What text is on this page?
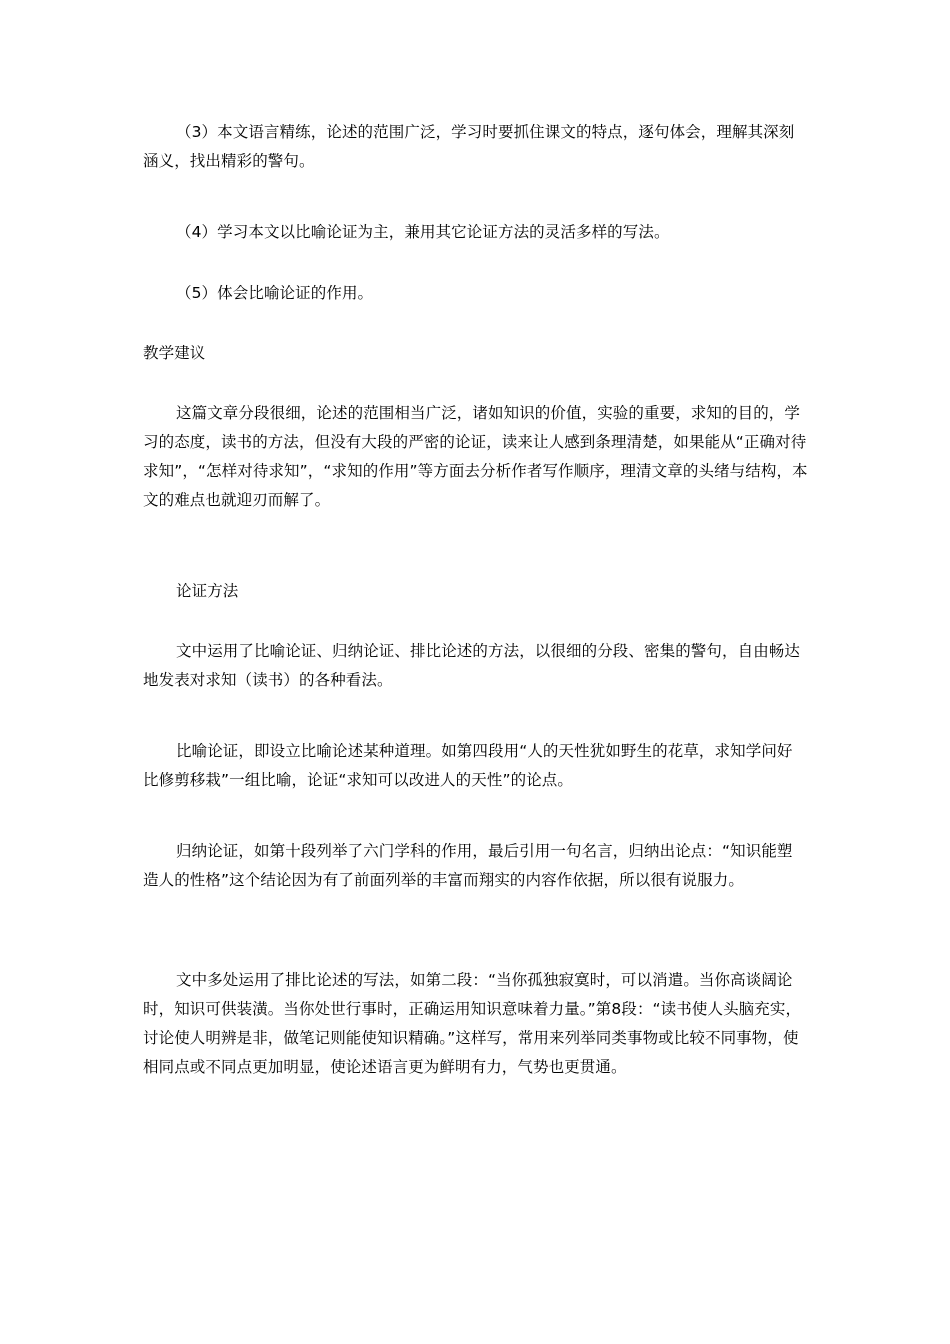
（3）本文语言精练，论述的范围广泛，学习时要抓住课文的特点，逐句体会，理解其深刻涵义，找出精彩的警句。

（4）学习本文以比喻论证为主，兼用其它论证方法的灵活多样的写法。

（5）体会比喻论证的作用。

教学建议

这篇文章分段很细，论述的范围相当广泛，诸如知识的价值，实验的重要，求知的目的，学习的态度，读书的方法，但没有大段的严密的论证，读来让人感到条理清楚，如果能从“正确对待求知”，“怎样对待求知”，“求知的作用”等方面去分析作者写作顺序，理清文章的头绪与结构，本文的难点也就迎刃而解了。

论证方法

文中运用了比喻论证、归纳论证、排比论述的方法，以很细的分段、密集的警句，自由畅达地发表对求知（读书）的各种看法。

比喻论证，即设立比喻论述某种道理。如第四段用“人的天性犹如野生的花草，求知学问好比修剪移栽”一组比喻，论证“求知可以改进人的天性”的论点。

归纳论证，如第十段列举了六门学科的作用，最后引用一句名言，归纳出论点：“知识能塑造人的性格”这个结论因为有了前面列举的丰富而翔实的内容作依据，所以很有说服力。

文中多处运用了排比论述的写法，如第二段：“当你孤独寂寞时，可以消遣。当你高谈阔论时，知识可供装潢。当你处世行事时，正确运用知识意味着力量。”第8段：“读书使人头脑充实，讨论使人明辨是非，做笔记则能使知识精确。”这样写，常用来列举同类事物或比较不同事物，使相同点或不同点更加明显，使论述语言更为鲜明有力，气势也更贯通。
